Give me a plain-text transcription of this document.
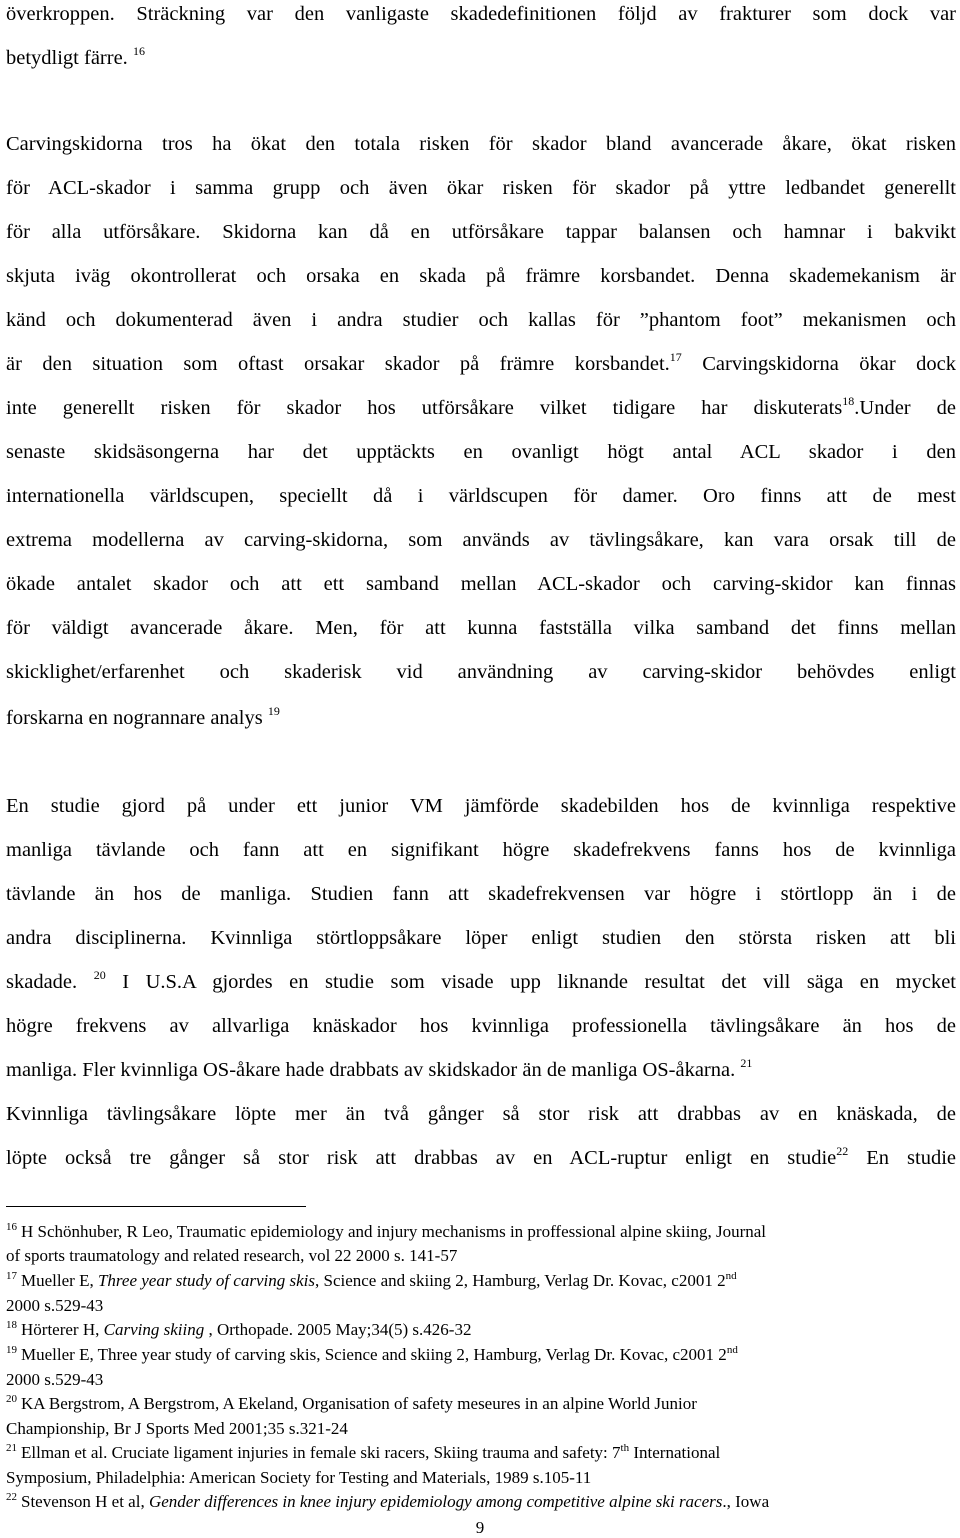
överkroppen. Sträckning var den vanligaste skadedefinitionen följd av frakturer som dock var
betydligt färre. $^{16}$
Carvingskidorna tros ha ökat den totala risken för skador bland avancerade åkare, ökat risken
för ACL-skador i samma grupp och även ökar risken för skador på yttre ledbandet generellt
för alla utförsåkare. Skidorna kan då en utförsåkare tappar balansen och hamnar i bakvikt
skjuta iväg okontrollerat och orsaka en skada på främre korsbandet. Denna skademekanism är
känd och dokumenterad även i andra studier och kallas för ”phantom foot” mekanismen och
är den situation som oftast orsakar skador på främre korsbandet.$^{17}$ Carvingskidorna ökar dock
inte generellt risken för skador hos utförsåkare vilket tidigare har diskuterats$^{18}$.Under de
senaste skidsäsongerna har det upptäckts en ovanligt högt antal ACL skador i den
internationella världscupen, speciellt då i världscupen för damer. Oro finns att de mest
extrema modellerna av carving-skidorna, som används av tävlingsåkare, kan vara orsak till de
ökade antalet skador och att ett samband mellan ACL-skador och carving-skidor kan finnas
för väldigt avancerade åkare. Men, för att kunna fastställa vilka samband det finns mellan
skicklighet/erfarenhet och skaderisk vid användning av carving-skidor behövdes enligt
forskarna en nogrannare analys $^{19}$
En studie gjord på under ett junior VM jämförde skadebilden hos de kvinnliga respektive
manliga tävlande och fann att en signifikant högre skadefrekvens fanns hos de kvinnliga
tävlande än hos de manliga. Studien fann att skadefrekvensen var högre i störtlopp än i de
andra disciplinerna. Kvinnliga störtloppsåkare löper enligt studien den största risken att bli
skadade. $^{20}$ I U.S.A gjordes en studie som visade upp liknande resultat det vill säga en mycket
högre frekvens av allvarliga knäskador hos kvinnliga professionella tävlingsåkare än hos de
manliga. Fler kvinnliga OS-åkare hade drabbats av skidskador än de manliga OS-åkarna. $^{21}$
Kvinnliga tävlingsåkare löpte mer än två gånger så stor risk att drabbas av en knäskada, de
löpte också tre gånger så stor risk att drabbas av en ACL-ruptur enligt en studie$^{22}$ En studie
$^{16}$ H Schönhuber, R Leo, Traumatic epidemiology and injury mechanisms in proffessional alpine skiing, Journal
of sports traumatology and related research, vol 22 2000 s. 141-57
$^{17}$ Mueller E, Three year study of carving skis, Science and skiing 2, Hamburg, Verlag Dr. Kovac, c2001 2nd
2000 s.529-43
$^{18}$ Hörterer H, Carving skiing , Orthopade. 2005 May;34(5) s.426-32
$^{19}$ Mueller E, Three year study of carving skis, Science and skiing 2, Hamburg, Verlag Dr. Kovac, c2001 2nd
2000 s.529-43
$^{20}$ KA Bergstrom, A Bergstrom, A Ekeland, Organisation of safety meseures in an alpine World Junior
Championship, Br J Sports Med 2001;35 s.321-24
$^{21}$ Ellman et al. Cruciate ligament injuries in female ski racers, Skiing trauma and safety: 7th International
Symposium, Philadelphia: American Society for Testing and Materials, 1989 s.105-11
$^{22}$ Stevenson H et al, Gender differences in knee injury epidemiology among competitive alpine ski racers., Iowa
9
